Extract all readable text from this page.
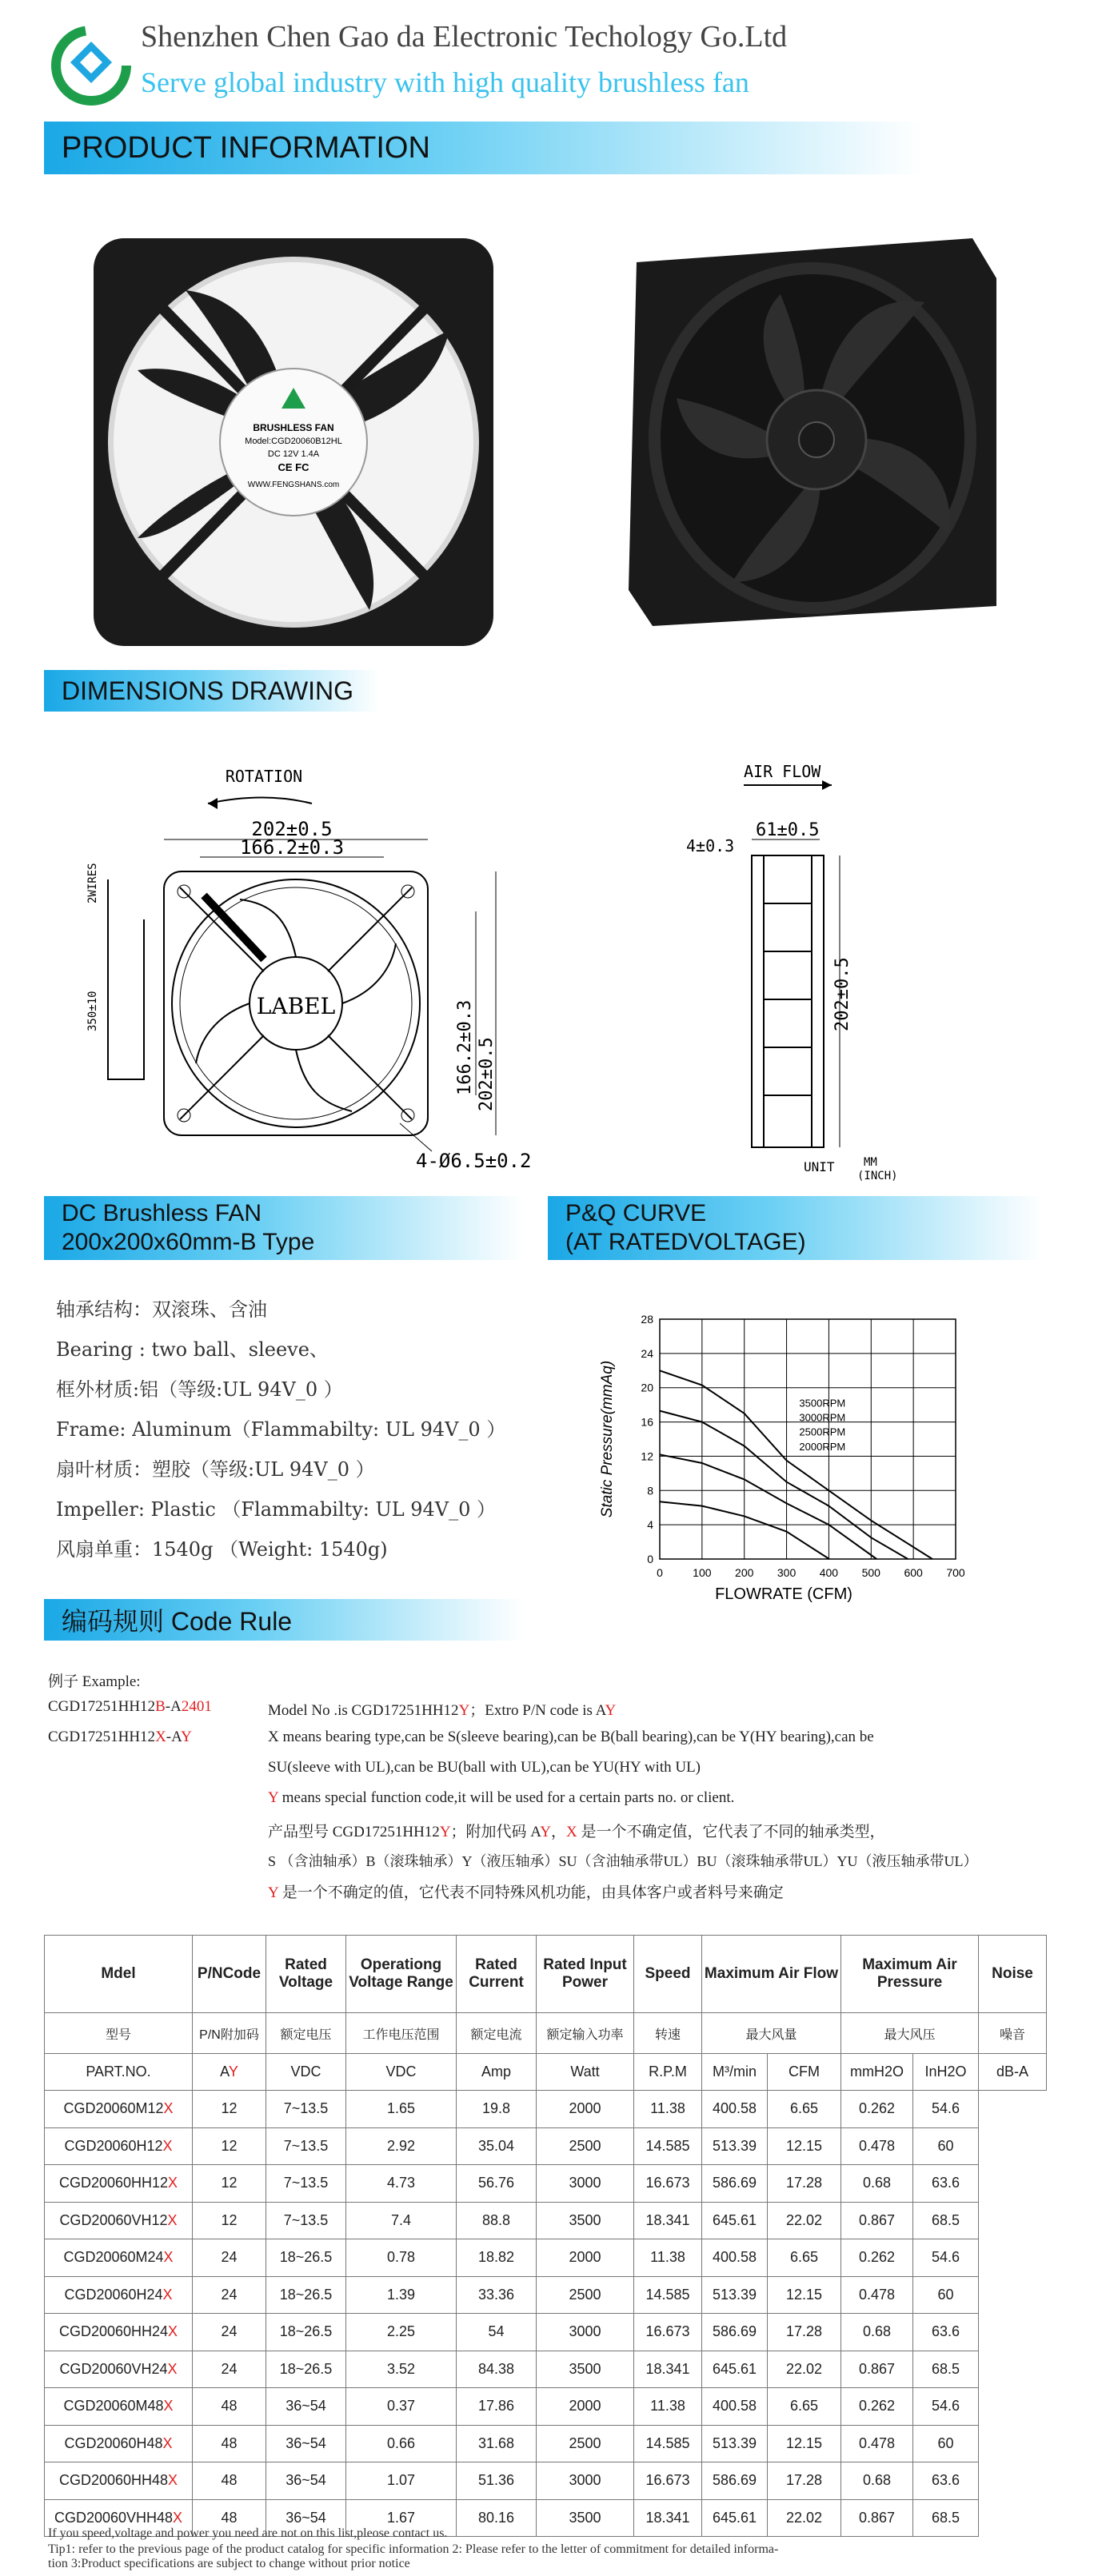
Shenzhen Chen Gao da Electronic Techology Go.Ltd
Serve global industry with high quality brushless fan
PRODUCT INFORMATION
BRUSHLESS FAN
Model:CGD20060B12HL
DC 12V 1.4A
CE FC
WWW.FENGSHANS.com
DIMENSIONS DRAWING
ROTATION
202±0.5
166.2±0.3
LABEL
2WIRES
350±10	166.2±0.3 202±0.5
4-Ø6.5±0.2
AIR FLOW
61±0.5
4±0.3
202±0.5
UNIT	MM
(INCH)
DC Brushless FAN
200x200x60mm-B Type
P&Q CURVE
(AT RATEDVOLTAGE)
轴承结构：双滚珠、含油
Bearing : two ball、sleeve、
框外材质:铝（等级:UL 94V_0 ）
Frame: Aluminum（Flammabilty: UL 94V_0 ）
扇叶材质：塑胶（等级:UL 94V_0 ）
Impeller: Plastic （Flammabilty: UL 94V_0 ）
风扇单重：1540g （Weight: 1540g)
0	100 200 300 400 500 600 700
0
4
8
12
16
20
24
28
FLOWRATE (CFM)
Static Pressure(mmAq)	3500RPM
3000RPM
2500RPM
2000RPM
编码规则 Code Rule
例子 Example:
CGD17251HH12B-A2401	Model No .is CGD17251HH12Y；Extro P/N code is AY
CGD17251HH12X-AY	X means bearing type,can be S(sleeve bearing),can be B(ball bearing),can be Y(HY bearing),can be
SU(sleeve with UL),can be BU(ball with UL),can be YU(HY with UL)
Y means special function code,it will be used for a certain parts no. or client.
产品型号 CGD17251HH12Y；附加代码 AY，X 是一个不确定值，它代表了不同的轴承类型，
S （含油轴承）B（滚珠轴承）Y（液压轴承）SU（含油轴承带UL）BU（滚珠轴承带UL）YU（液压轴承带UL）
Y 是一个不确定的值，它代表不同特殊风机功能，由具体客户或者料号来确定
Mdel	P/NCode	Rated Voltage	Operationg Voltage Range	Rated Current	Rated Input Power	Speed	Maximum Air Flow		Maximum Air Pressure		Noise
型号	P/N附加码	额定电压	工作电压范围	额定电流	额定输入功率	转速	最大风量		最大风压		噪音
PART.NO.	AY	VDC	VDC	Amp	Watt	R.P.M	M³/min	CFM	mmH2O	InH2O	dB-A
CGD20060M12X	12	7~13.5	1.65	19.8	2000	11.38	400.58	6.65	0.262	54.6	
CGD20060H12X	12	7~13.5	2.92	35.04	2500	14.585	513.39	12.15	0.478	60	
CGD20060HH12X	12	7~13.5	4.73	56.76	3000	16.673	586.69	17.28	0.68	63.6	
CGD20060VH12X	12	7~13.5	7.4	88.8	3500	18.341	645.61	22.02	0.867	68.5	
CGD20060M24X	24	18~26.5	0.78	18.82	2000	11.38	400.58	6.65	0.262	54.6	
CGD20060H24X	24	18~26.5	1.39	33.36	2500	14.585	513.39	12.15	0.478	60	
CGD20060HH24X	24	18~26.5	2.25	54	3000	16.673	586.69	17.28	0.68	63.6	
CGD20060VH24X	24	18~26.5	3.52	84.38	3500	18.341	645.61	22.02	0.867	68.5	
CGD20060M48X	48	36~54	0.37	17.86	2000	11.38	400.58	6.65	0.262	54.6	
CGD20060H48X	48	36~54	0.66	31.68	2500	14.585	513.39	12.15	0.478	60	
CGD20060HH48X	48	36~54	1.07	51.36	3000	16.673	586.69	17.28	0.68	63.6	
CGD20060VHH48X	48	36~54	1.67	80.16	3500	18.341	645.61	22.02	0.867	68.5	
If you speed,voltage and power you need are not on this list,pleose contact us.
Tip1: refer to the previous page of the product catalog for specific information 2: Please refer to the letter of commitment for detailed informa-
tion 3:Product specifications are subject to change without prior notice
